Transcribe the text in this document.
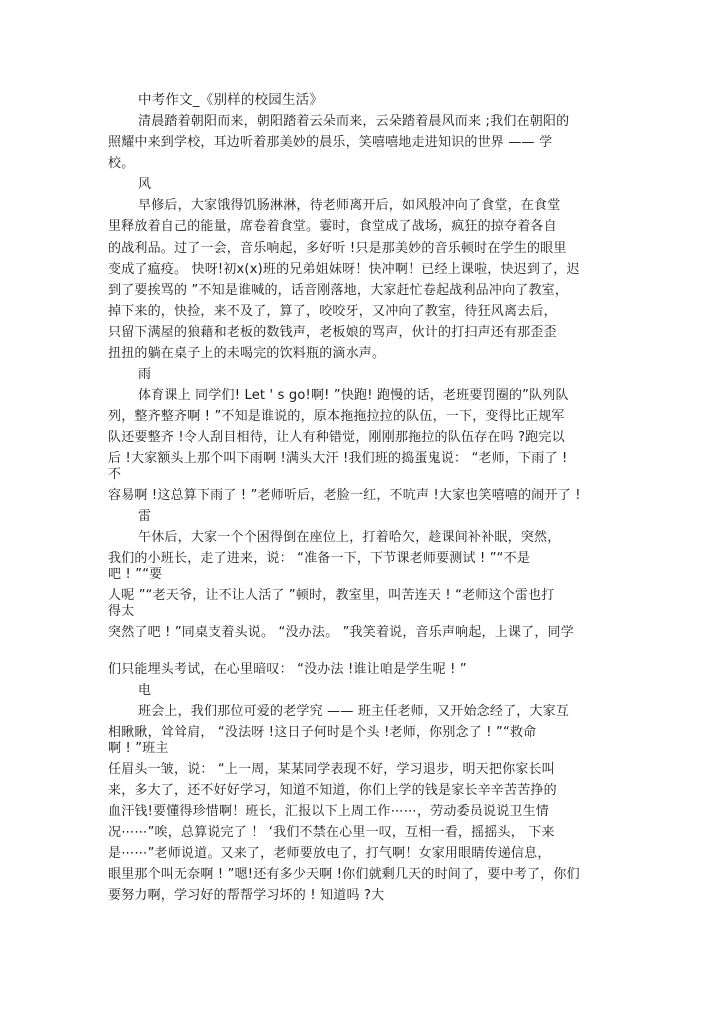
中考作文_《别样的校园生活》
清晨踏着朝阳而来，朝阳踏着云朵而来，云朵踏着晨风而来 ;我们在朝阳的
照耀中来到学校，耳边听着那美妙的晨乐，笑嘻嘻地走进知识的世界 —— 学
校。
风
早修后，大家饿得饥肠淋淋，待老师离开后，如风般冲向了食堂，在食堂
里释放着自己的能量，席卷着食堂。霎时，食堂成了战场，疯狂的掠夺着各自
的战利品。过了一会，音乐响起，多好听 !只是那美妙的音乐顿时在学生的眼里
变成了瘟疫。 快呀!初x(x)班的兄弟姐妹呀！快冲啊！已经上课啦，快迟到了，迟
到了要挨骂的 ”不知是谁喊的，话音刚落地，大家赶忙卷起战利品冲向了教室，
掉下来的，快捡，来不及了，算了，咬咬牙，又冲向了教室，待狂风离去后，
只留下满屋的狼藉和老板的数钱声，老板娘的骂声，伙计的打扫声还有那歪歪
扭扭的躺在桌子上的未喝完的饮料瓶的滴水声。
雨
体育课上 同学们! Let ' s go!啊! ”快跑! 跑慢的话，老班要罚圈的”队列队
列，整齐整齐啊 ! ”不知是谁说的，原本拖拖拉拉的队伍，一下，变得比正规军
队还要整齐 !令人刮目相待，让人有种错觉，刚刚那拖拉的队伍存在吗 ?跑完以
后 !大家额头上那个叫下雨啊 !满头大汗 !我们班的捣蛋鬼说： “老师，下雨了 !
不
容易啊 !这总算下雨了 ! ”老师听后，老脸一红，不吭声 !大家也笑嘻嘻的闹开了 !
雷
午休后，大家一个个困得倒在座位上，打着哈欠，趁课间补补眠，突然，
我们的小班长，走了进来，说： “准备一下，下节课老师要测试 ! ”“不是
吧 ! ”“要
人呢 ”“老天爷，让不让人活了 ”顿时，教室里，叫苦连天 ! “老师这个雷也打
得太
突然了吧 ! ”同桌支着头说。 “没办法。 ”我笑着说，音乐声响起，上课了，同学
们只能埋头考试，在心里暗叹： “没办法 !谁让咱是学生呢 ! ”
电
班会上，我们那位可爱的老学究 —— 班主任老师，又开始念经了，大家互
相瞅瞅，耸耸肩， “没法呀 !这日子何时是个头 !老师，你别念了 ! ”“救命
啊 ! ”班主
任眉头一皱，说： “上一周，某某同学表现不好，学习退步，明天把你家长叫
来，多大了，还不好好学习，知道不知道，你们上学的钱是家长辛辛苦苦挣的
血汗钱!要懂得珍惜啊！班长，汇报以下上周工作⋯⋯，劳动委员说说卫生情
况⋯⋯”唉，总算说完了 ！ ‘我们不禁在心里一叹，互相一看，摇摇头， 下来
是⋯⋯”老师说道。又来了，老师要放电了，打气啊！女家用眼睛传递信息，
眼里那个叫无奈啊 ! ”嗯!还有多少天啊 !你们就剩几天的时间了，要中考了，你们
要努力啊，学习好的帮帮学习坏的 ! 知道吗 ?大
